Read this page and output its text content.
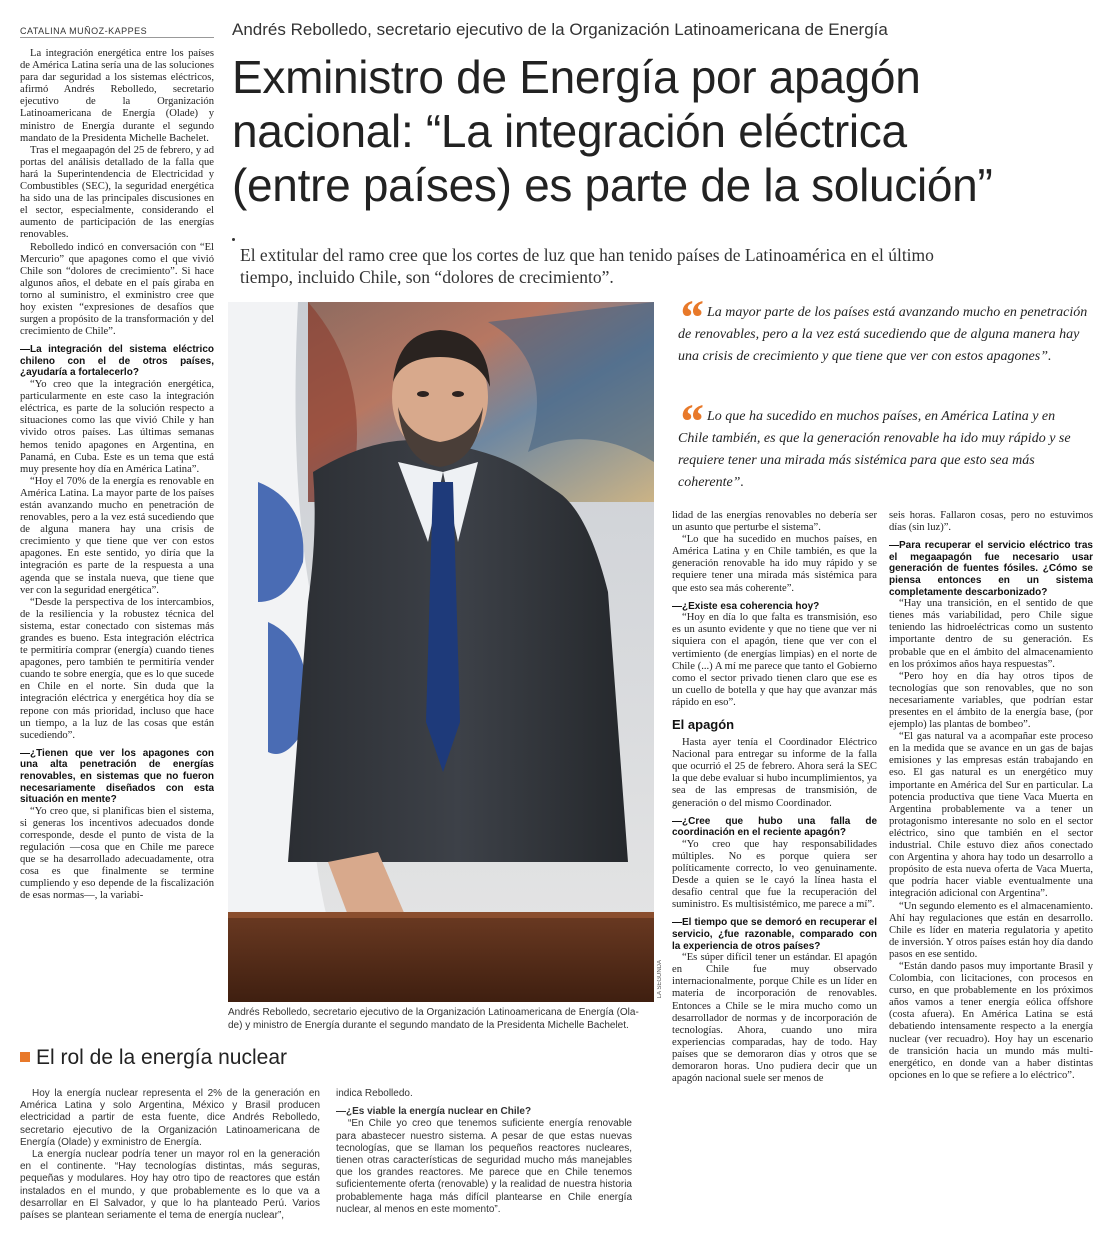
CATALINA MUÑOZ-KAPPES	Andrés Rebolledo, secretario ejecutivo de la Organización Latinoamericana de Energía
Exministro de Energía por apagón
nacional: “La integración eléctrica
(entre países) es parte de la solución”
El extitular del ramo cree que los cortes de luz que han tenido países de Latinoamérica en el último
tiempo, incluido Chile, son “dolores de crecimiento”.

La integración energética entre los países de América Latina sería una de las soluciones para dar seguridad a los sistemas eléctricos, afirmó Andrés Rebolledo, secretario ejecutivo de la Organización Latinoamericana de Energía (Olade) y ministro de Energía durante el segundo mandato de la Presidenta Michelle Bachelet.

Tras el megaapagón del 25 de febrero, y ad portas del análisis detallado de la falla que hará la Superintendencia de Electricidad y Combustibles (SEC), la seguridad energética ha sido una de las principales discusiones en el sector, especialmente, considerando el aumento de participación de las energías renovables.

Rebolledo indicó en conversación con “El Mercurio” que apagones como el que vivió Chile son “dolores de crecimiento”. Si hace algunos años, el debate en el país giraba en torno al suministro, el exministro cree que hoy existen “expresiones de desafíos que surgen a propósito de la transformación y del crecimiento de Chile”.

—La integración del sistema eléctrico chileno con el de otros países, ¿ayudaría a fortalecerlo?

“Yo creo que la integración energética, particularmente en este caso la integración eléctrica, es parte de la solución respecto a situaciones como las que vivió Chile y han vivido otros países. Las últimas semanas hemos tenido apagones en Argentina, en Panamá, en Cuba. Este es un tema que está muy presente hoy día en América Latina”.

“Hoy el 70% de la energía es renovable en América Latina. La mayor parte de los países están avanzando mucho en penetración de renovables, pero a la vez está sucediendo que de alguna manera hay una crisis de crecimiento y que tiene que ver con estos apagones. En este sentido, yo diría que la integración es parte de la respuesta a una agenda que se instala nueva, que tiene que ver con la seguridad energética”.

“Desde la perspectiva de los intercambios, de la resiliencia y la robustez técnica del sistema, estar conectado con sistemas más grandes es bueno. Esta integración eléctrica te permitiría comprar (energía) cuando tienes apagones, pero también te permitiría vender cuando te sobre energía, que es lo que sucede en Chile en el norte. Sin duda que la integración eléctrica y energética hoy día se repone con más prioridad, incluso que hace un tiempo, a la luz de las cosas que están sucediendo”.

—¿Tienen que ver los apagones con una alta penetración de energías renovables, en sistemas que no fueron necesariamente diseñados con esta situación en mente?

“Yo creo que, si planificas bien el sistema, si generas los incentivos adecuados donde corresponde, desde el punto de vista de la regulación —cosa que en Chile me parece que se ha desarrollado adecuadamente, otra cosa es que finalmente se termine cumpliendo y eso depende de la fiscalización de esas normas—, la variabi-

LA SEGUNDA
Andrés Rebolledo, secretario ejecutivo de la Organización Latinoamericana de Energía (Ola-
de) y ministro de Energía durante el segundo mandato de la Presidenta Michelle Bachelet.
“ La mayor parte de los países está avanzando mucho en penetración de renovables, pero a la vez está sucediendo que de alguna manera hay una crisis de crecimiento y que tiene que ver con estos apagones”.
“ Lo que ha sucedido en muchos países, en América Latina y en Chile también, es que la generación renovable ha ido muy rápido y se requiere tener una mirada más sistémica para que esto sea más coherente”.

lidad de las energías renovables no debería ser un asunto que perturbe el sistema”.

“Lo que ha sucedido en muchos países, en América Latina y en Chile también, es que la generación renovable ha ido muy rápido y se requiere tener una mirada más sistémica para que esto sea más coherente”.

—¿Existe esa coherencia hoy?

“Hoy en día lo que falta es transmisión, eso es un asunto evidente y que no tiene que ver ni siquiera con el apagón, tiene que ver con el vertimiento (de energías limpias) en el norte de Chile (...) A mí me parece que tanto el Gobierno como el sector privado tienen claro que ese es un cuello de botella y que hay que avanzar más rápido en eso”.

El apagón

Hasta ayer tenía el Coordinador Eléctrico Nacional para entregar su informe de la falla que ocurrió el 25 de febrero. Ahora será la SEC la que debe evaluar si hubo incumplimientos, ya sea de las empresas de transmisión, de generación o del mismo Coordinador.

—¿Cree que hubo una falla de coordinación en el reciente apagón?

“Yo creo que hay responsabilidades múltiples. No es porque quiera ser políticamente correcto, lo veo genuinamente. Desde a quien se le cayó la línea hasta el desafío central que fue la recuperación del suministro. Es multisistémico, me parece a mí”.

—El tiempo que se demoró en recuperar el servicio, ¿fue razonable, comparado con la experiencia de otros países?

“Es súper difícil tener un estándar. El apagón en Chile fue muy observado internacionalmente, porque Chile es un líder en materia de incorporación de renovables. Entonces a Chile se le mira mucho como un desarrollador de normas y de incorporación de tecnologías. Ahora, cuando uno mira experiencias comparadas, hay de todo. Hay países que se demoraron días y otros que se demoraron horas. Uno pudiera decir que un apagón nacional suele ser menos de

seis horas. Fallaron cosas, pero no estuvimos días (sin luz)”.

—Para recuperar el servicio eléctrico tras el megaapagón fue necesario usar generación de fuentes fósiles. ¿Cómo se piensa entonces en un sistema completamente descarbonizado?

“Hay una transición, en el sentido de que tienes más variabilidad, pero Chile sigue teniendo las hidroeléctricas como un sustento importante dentro de su generación. Es probable que en el ámbito del almacenamiento en los próximos años haya respuestas”.

“Pero hoy en día hay otros tipos de tecnologías que son renovables, que no son necesariamente variables, que podrían estar presentes en el ámbito de la energía base, (por ejemplo) las plantas de bombeo”.

“El gas natural va a acompañar este proceso en la medida que se avance en un gas de bajas emisiones y las empresas están trabajando en eso. El gas natural es un energético muy importante en América del Sur en particular. La potencia productiva que tiene Vaca Muerta en Argentina probablemente va a tener un protagonismo interesante no solo en el sector eléctrico, sino que también en el sector industrial. Chile estuvo diez años conectado con Argentina y ahora hay todo un desarrollo a propósito de esta nueva oferta de Vaca Muerta, que podría hacer viable eventualmente una integración adicional con Argentina”.

“Un segundo elemento es el almacenamiento. Ahí hay regulaciones que están en desarrollo. Chile es líder en materia regulatoria y apetito de inversión. Y otros países están hoy día dando pasos en ese sentido.

“Están dando pasos muy importante Brasil y Colombia, con licitaciones, con procesos en curso, en que probablemente en los próximos años vamos a tener energía eólica offshore (costa afuera). En América Latina se está debatiendo intensamente respecto a la energía nuclear (ver recuadro). Hoy hay un escenario de transición hacia un mundo más multi-energético, en donde van a haber distintas opciones en lo que se refiere a lo eléctrico”.

El rol de la energía nuclear

Hoy la energía nuclear representa el 2% de la generación en América Latina y solo Argentina, México y Brasil producen electricidad a partir de esta fuente, dice Andrés Rebolledo, secretario ejecutivo de la Organización Latinoamericana de Energía (Olade) y exministro de Energía.

La energía nuclear podría tener un mayor rol en la generación en el continente. “Hay tecnologías distintas, más seguras, pequeñas y modulares. Hoy hay otro tipo de reactores que están instalados en el mundo, y que probablemente es lo que va a desarrollar en El Salvador, y que lo ha planteado Perú. Varios países se plantean seriamente el tema de energía nuclear”,

indica Rebolledo.

—¿Es viable la energía nuclear en Chile?

“En Chile yo creo que tenemos suficiente energía renovable para abastecer nuestro sistema. A pesar de que estas nuevas tecnologías, que se llaman los pequeños reactores nucleares, tienen otras características de seguridad mucho más manejables que los grandes reactores. Me parece que en Chile tenemos suficientemente oferta (renovable) y la realidad de nuestra historia probablemente haga más difícil plantearse en Chile energía nuclear, al menos en este momento”.
